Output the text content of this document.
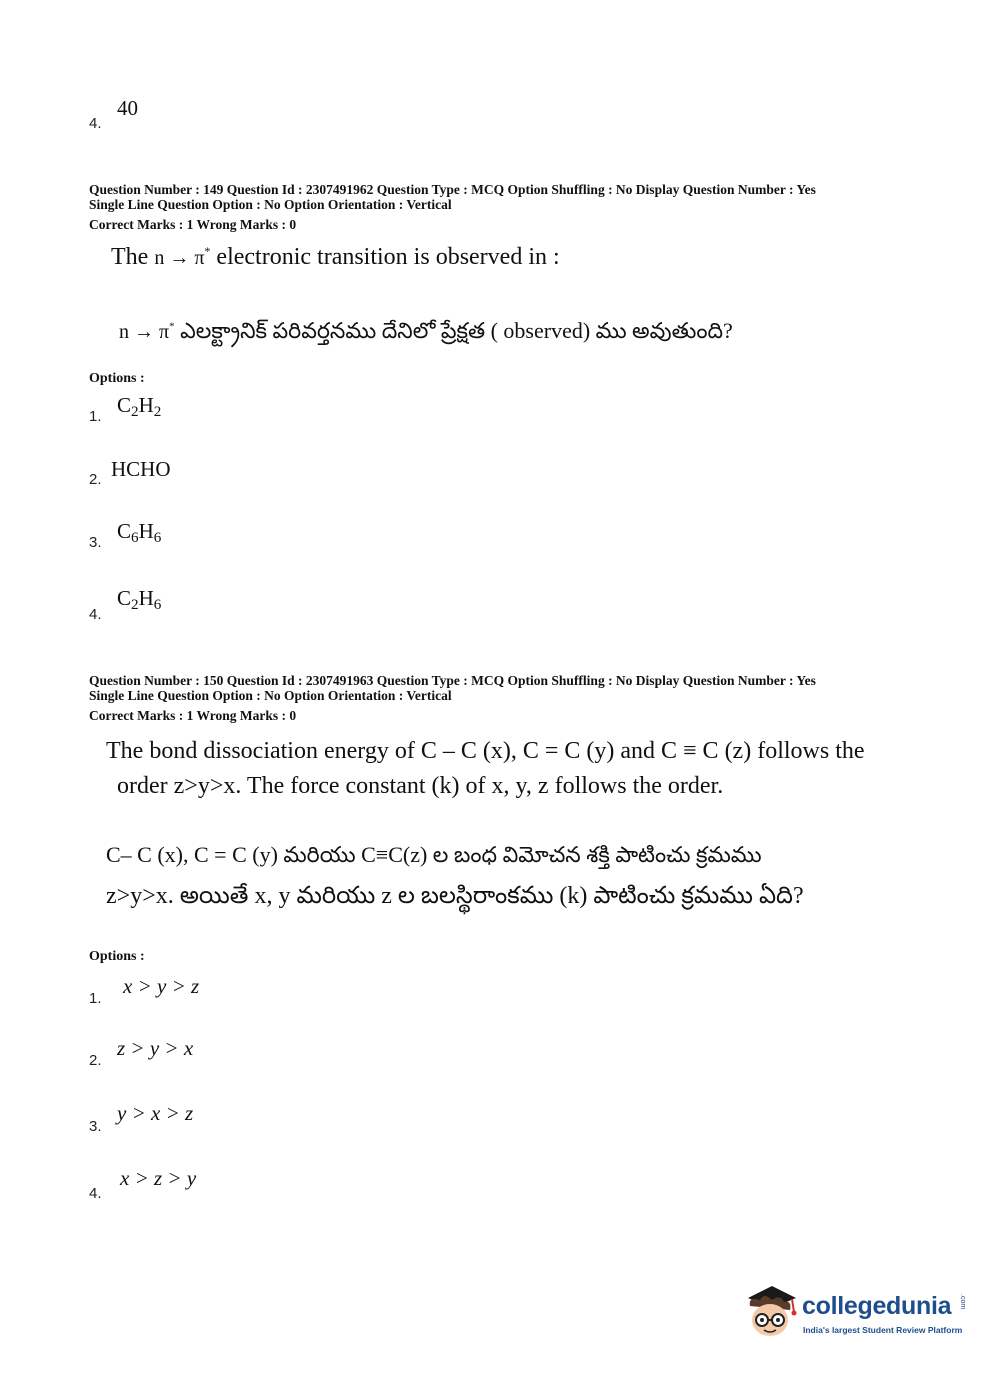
40
4.
Question Number : 149 Question Id : 2307491962 Question Type : MCQ Option Shuffling : No Display Question Number : Yes
Single Line Question Option : No Option Orientation : Vertical
Correct Marks : 1 Wrong Marks : 0
The n → π* electronic transition is observed in :
n → π* ఎలక్ట్రానిక్ పరివర్తనము దేనిలో ప్రేక్షత ( observed) ము అవుతుంది?
Options :
1. $C_2H_2$
2. HCHO
3. $C_6H_6$
4.
$C_2H_6$
Question Number : 150 Question Id : 2307491963 Question Type : MCQ Option Shuffling : No Display Question Number : Yes
Single Line Question Option : No Option Orientation : Vertical
Correct Marks : 1 Wrong Marks : 0
The bond dissociation energy of C – C (x), C = C (y) and C ≡ C (z) follows the
order z>y>x. The force constant (k) of x, y, z follows the order.
C– C (x), C = C (y) మరియు C≡C(z) ల బంధ విమోచన శక్తి పాటించు క్రమము
z>y>x. అయితే x, y మరియు z ల బలస్థిరాంకము (k) పాటించు క్రమము ఏది?
Options :
1.
x > y > z
2.
z > y > x
3.
y > x > z
4.
x > z > y
collegedunia .com
India's largest Student Review Platform
